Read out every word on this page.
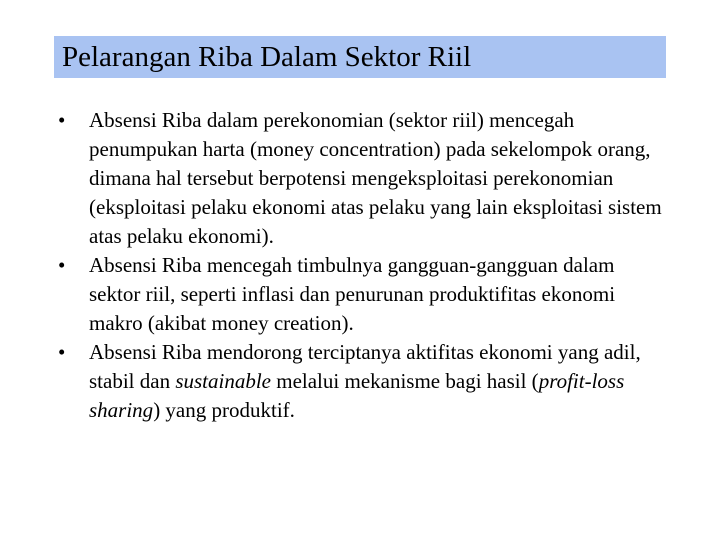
Pelarangan Riba Dalam Sektor Riil
•	Absensi Riba dalam perekonomian (sektor riil) mencegah penumpukan harta (money concentration) pada sekelompok orang, dimana hal tersebut berpotensi mengeksploitasi perekonomian (eksploitasi pelaku ekonomi atas pelaku yang lain eksploitasi sistem atas pelaku ekonomi).
•	Absensi Riba mencegah timbulnya gangguan-gangguan dalam sektor riil, seperti inflasi dan penurunan produktifitas ekonomi makro (akibat money creation).
•	Absensi Riba mendorong terciptanya aktifitas ekonomi yang adil, stabil dan sustainable melalui mekanisme bagi hasil (profit-loss sharing) yang produktif.
